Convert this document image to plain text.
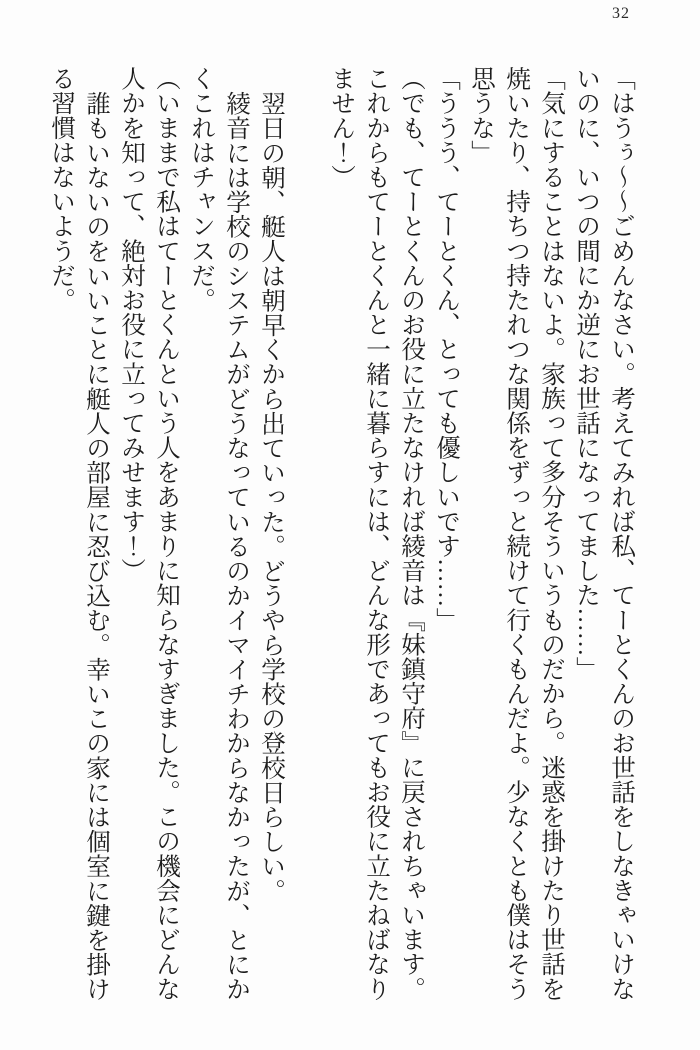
32

「はうぅ〜〜ごめんなさい。考えてみれば私、てーとくんのお世話をしなきゃいけないのに、いつの間にか逆にお世話になってました……」

「気にすることはないよ。家族って多分そういうものだから。迷惑を掛けたり世話を焼いたり、持ちつ持たれつな関係をずっと続けて行くもんだよ。少なくとも僕はそう思うな」

「ううう、てーとくん、とっても優しいです……」

（でも、てーとくんのお役に立たなければ綾音は『妹鎮守府』に戻されちゃいます。これからもてーとくんと一緒に暮らすには、どんな形であってもお役に立たねばなりません！）

翌日の朝、艇人は朝早くから出ていった。どうやら学校の登校日らしい。

綾音には学校のシステムがどうなっているのかイマイチわからなかったが、とにかくこれはチャンスだ。

（いままで私はてーとくんという人をあまりに知らなすぎました。この機会にどんな人かを知って、絶対お役に立ってみせます！）

誰もいないのをいいことに艇人の部屋に忍び込む。幸いこの家には個室に鍵を掛ける習慣はないようだ。
